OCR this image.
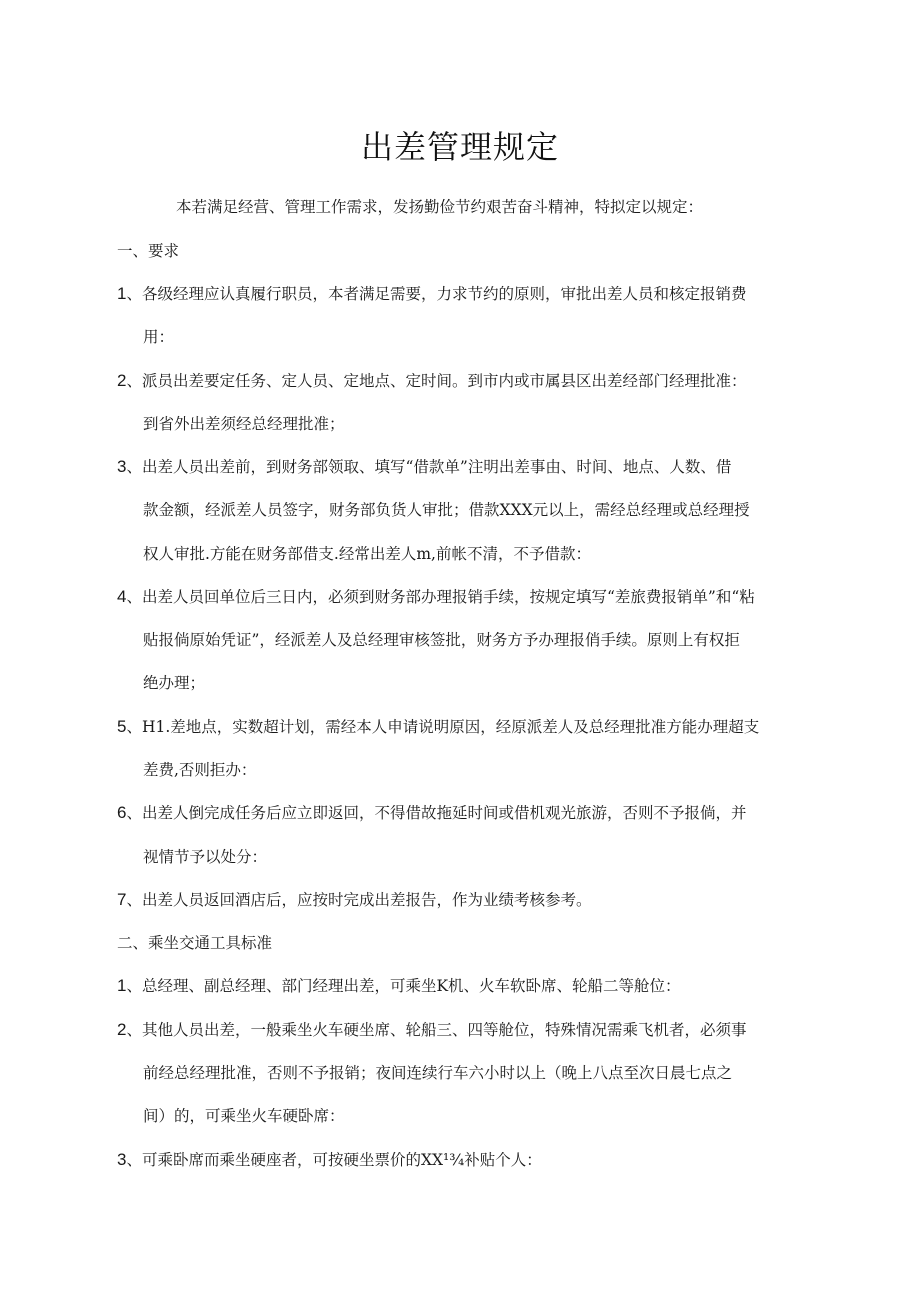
出差管理规定
本若满足经营、管理工作需求，发扬勤俭节约艰苦奋斗精神，特拟定以规定：
一、要求
1、各级经理应认真履行职员，本者满足需要，力求节约的原则，审批出差人员和核定报销费
用：
2、派员出差要定任务、定人员、定地点、定时间。到市内或市属县区出差经部门经理批准：
到省外出差须经总经理批准；
3、出差人员出差前，到财务部领取、填写“借款单”注明出差事由、时间、地点、人数、借
款金额，经派差人员签字，财务部负货人审批；借款XXX元以上，需经总经理或总经理授
权人审批.方能在财务部借支.经常出差人m,前帐不清，不予借款：
4、出差人员回单位后三日内，必须到财务部办理报销手续，按规定填写“差旅费报销单”和“粘
贴报倘原始凭证”，经派差人及总经理审核签批，财务方予办理报俏手续。原则上有权拒
绝办理；
5、H1.差地点，实数超计划，需经本人申请说明原因，经原派差人及总经理批准方能办理超支
差费,否则拒办：
6、出差人倒完成任务后应立即返回，不得借故拖延时间或借机观光旅游，否则不予报倘，并
视情节予以处分：
7、出差人员返回酒店后，应按时完成出差报告，作为业绩考核参考。
二、乘坐交通工具标准
1、总经理、副总经理、部门经理出差，可乘坐K机、火车软卧席、轮船二等舱位：
2、其他人员出差，一般乘坐火车硬坐席、轮船三、四等舱位，特殊情况需乘飞机者，必须事
前经总经理批准，否则不予报销；夜间连续行车六小时以上（晚上八点至次日晨七点之
间）的，可乘坐火车硬卧席：
3、可乘卧席而乘坐硬座者，可按硬坐票价的XX¹¾补贴个人：
